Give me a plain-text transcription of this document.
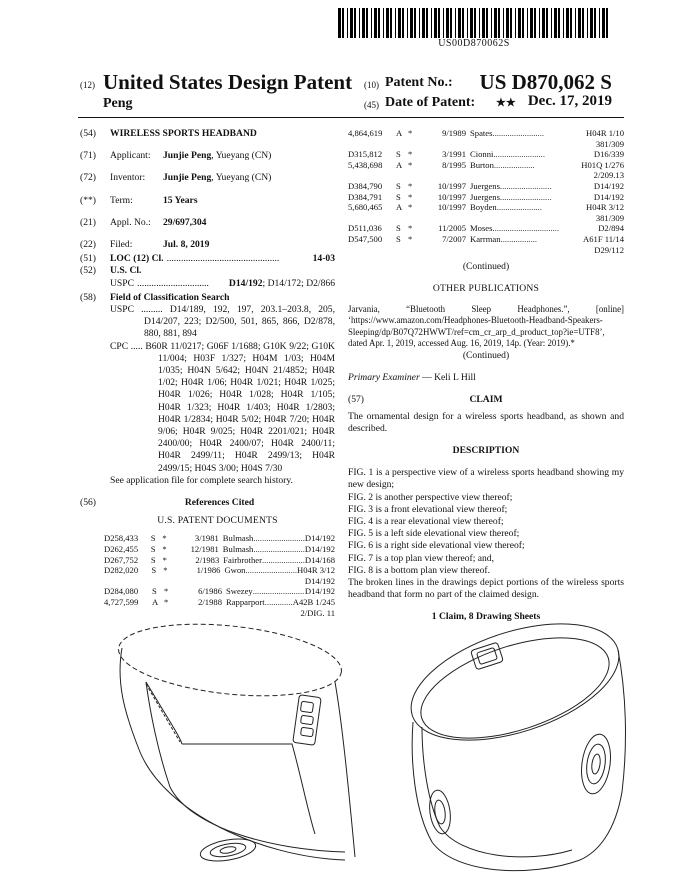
US00D870062S
(12) United States Design Patent
Peng
(10) Patent No.: US D870,062 S
(45) Date of Patent: ★★ Dec. 17, 2019
(54)	WIRELESS SPORTS HEADBAND
(71)	Applicant:	Junjie Peng, Yueyang (CN)
(72)	Inventor:	Junjie Peng, Yueyang (CN)
(**)	Term:	15 Years
(21)	Appl. No.:	29/697,304
(22)	Filed:	Jul. 8, 2019
(51)	LOC (12) Cl. ...............................................	14-03
(52)	U.S. Cl.
USPC ..............................	D14/192 ; D14/172; D2/866
(58)	Field of Classification Search
USPC ......... D14/189, 192, 197, 203.1–203.8, 205, D14/207, 223; D2/500, 501, 865, 866, D2/878, 880, 881, 894
CPC ..... B60R 11/0217; G06F 1/1688; G10K 9/22; G10K 11/004; H03F 1/327; H04M 1/03; H04M 1/035; H04N 5/642; H04N 21/4852; H04R 1/02; H04R 1/06; H04R 1/021; H04R 1/025; H04R 1/026; H04R 1/028; H04R 1/105; H04R 1/323; H04R 1/403; H04R 1/2803; H04R 1/2834; H04R 5/02; H04R 7/20; H04R 9/06; H04R 9/025; H04R 2201/021; H04R 2400/00; H04R 2400/07; H04R 2400/11; H04R 2499/11; H04R 2499/13; H04R 2499/15; H04S 3/00; H04S 7/30
See application file for complete search history.
(56)	References Cited
U.S. PATENT DOCUMENTS
D258,433	S *	3/1981 Bulmash ........................ D14/192
D262,455	S *	12/1981 Bulmash ........................ D14/192
D267,752	S *	2/1983 Fairbrother .................... D14/168
D282,020	S *	1/1986 Gwon ........................ H04R 3/12
D14/192
D284,080	S *	6/1986 Swezey ........................ D14/192
4,727,599	A *	2/1988 Rapparport ............. A42B 1/245
2/DIG. 11
4,864,619	A *	9/1989 Spates ........................	H04R 1/10
381/309
D315,812	S *	3/1991 Cionni ........................	D16/339
5,438,698	A *	8/1995 Burton ...................	H01Q 1/276
2/209.13
D384,790	S *	10/1997 Juergens ........................	D14/192
D384,791	S *	10/1997 Juergens ........................	D14/192
5,680,465	A *	10/1997 Boyden .....................	H04R 3/12
381/309
D511,036	S *	11/2005 Moses ...............................	D2/894
D547,500	S *	7/2007 Karrman .................	A61F 11/14
D29/112
(Continued)
OTHER PUBLICATIONS
Jarvania, “Bluetooth Sleep Headphones.”, [online] ‘https://www.amazon.com/Headphones-Bluetooth-Headband-Speakers-Sleeping/dp/B07Q72HWWT/ref=cm_cr_arp_d_product_top?ie=UTF8’, dated Apr. 1, 2019, accessed Aug. 16, 2019, 14p. (Year: 2019).*
(Continued)
Primary Examiner — Keli L Hill
(57)	CLAIM
The ornamental design for a wireless sports headband, as shown and described.
DESCRIPTION
FIG. 1 is a perspective view of a wireless sports headband showing my new design;
FIG. 2 is another perspective view thereof;
FIG. 3 is a front elevational view thereof;
FIG. 4 is a rear elevational view thereof;
FIG. 5 is a left side elevational view thereof;
FIG. 6 is a right side elevational view thereof;
FIG. 7 is a top plan view thereof; and,
FIG. 8 is a bottom plan view thereof.
The broken lines in the drawings depict portions of the wireless sports headband that form no part of the claimed design.
1 Claim, 8 Drawing Sheets
